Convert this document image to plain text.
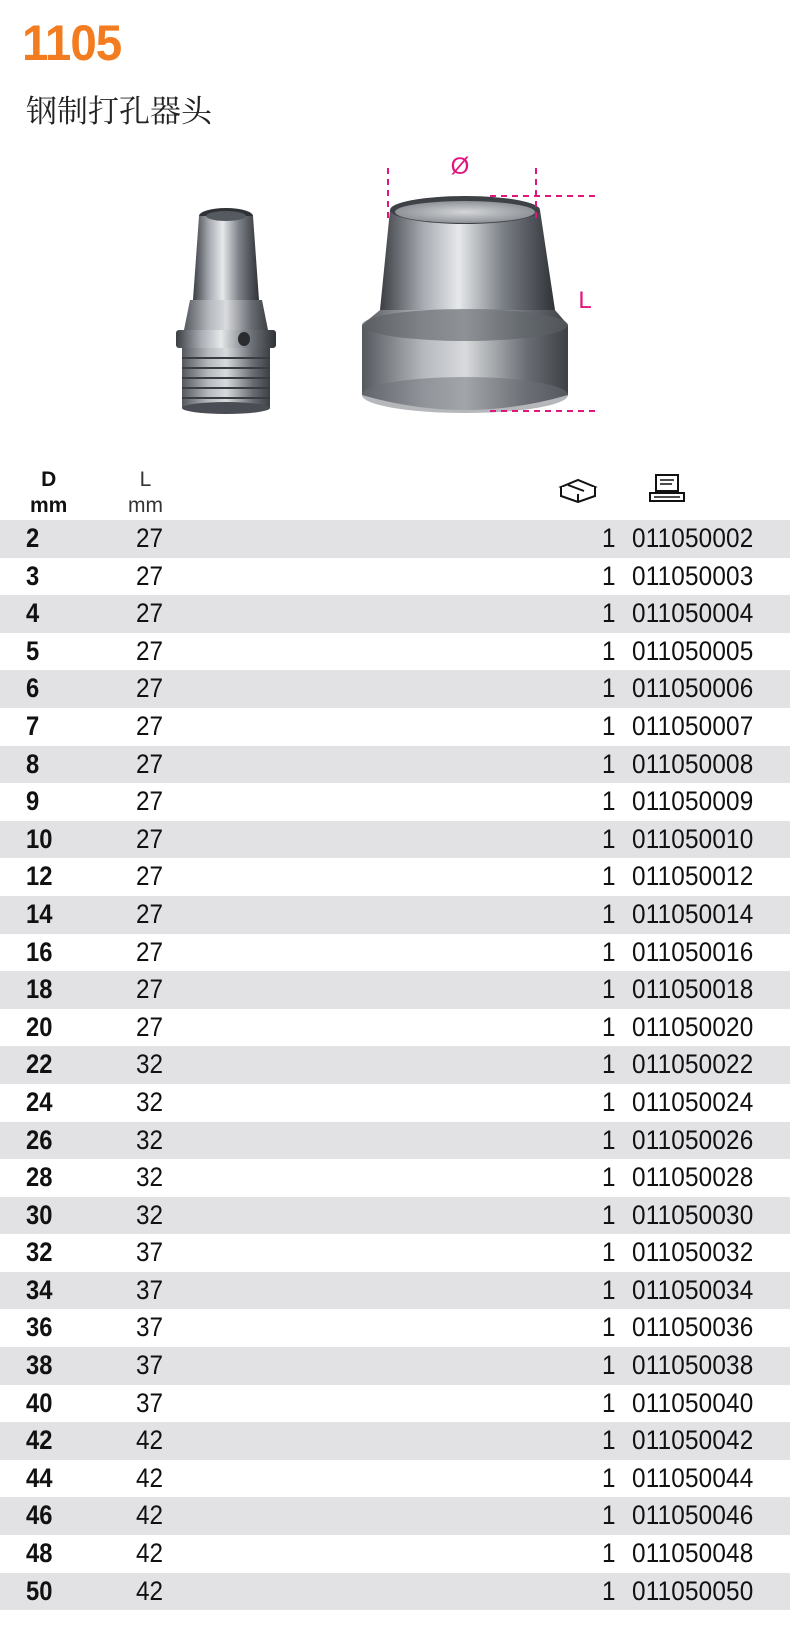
1105
钢制打孔器头
Ø
L
D
mm
L
mm
2	27	1 011050002
3	27	1 011050003
4	27	1 011050004
5	27	1 011050005
6	27	1 011050006
7	27	1 011050007
8	27	1 011050008
9	27	1 011050009
10	27	1 011050010
12	27	1 011050012
14	27	1 011050014
16	27	1 011050016
18	27	1 011050018
20	27	1 011050020
22	32	1 011050022
24	32	1 011050024
26	32	1 011050026
28	32	1 011050028
30	32	1 011050030
32	37	1 011050032
34	37	1 011050034
36	37	1 011050036
38	37	1 011050038
40	37	1 011050040
42	42	1 011050042
44	42	1 011050044
46	42	1 011050046
48	42	1 011050048
50	42	1 011050050
